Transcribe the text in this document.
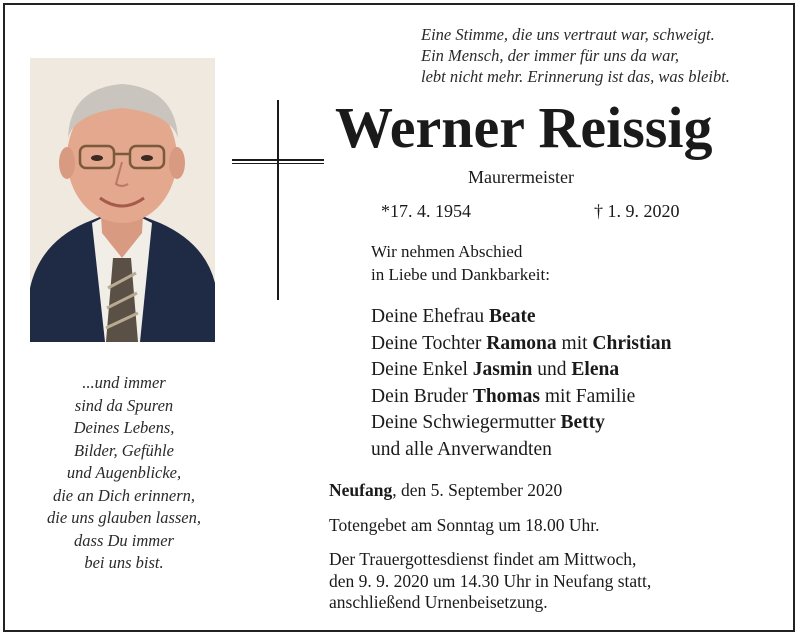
Eine Stimme, die uns vertraut war, schweigt.
Ein Mensch, der immer für uns da war,
lebt nicht mehr. Erinnerung ist das, was bleibt.
Werner Reissig
Maurermeister
*17. 4. 1954	† 1. 9. 2020
Wir nehmen Abschied
in Liebe und Dankbarkeit:
Deine Ehefrau Beate
Deine Tochter Ramona mit Christian
Deine Enkel Jasmin und Elena
Dein Bruder Thomas mit Familie
Deine Schwiegermutter Betty
und alle Anverwandten
Neufang, den 5. September 2020
Totengebet am Sonntag um 18.00 Uhr.
Der Trauergottesdienst findet am Mittwoch,
den 9. 9. 2020 um 14.30 Uhr in Neufang statt,
anschließend Urnenbeisetzung.
...und immer
sind da Spuren
Deines Lebens,
Bilder, Gefühle
und Augenblicke,
die an Dich erinnern,
die uns glauben lassen,
dass Du immer
bei uns bist.
